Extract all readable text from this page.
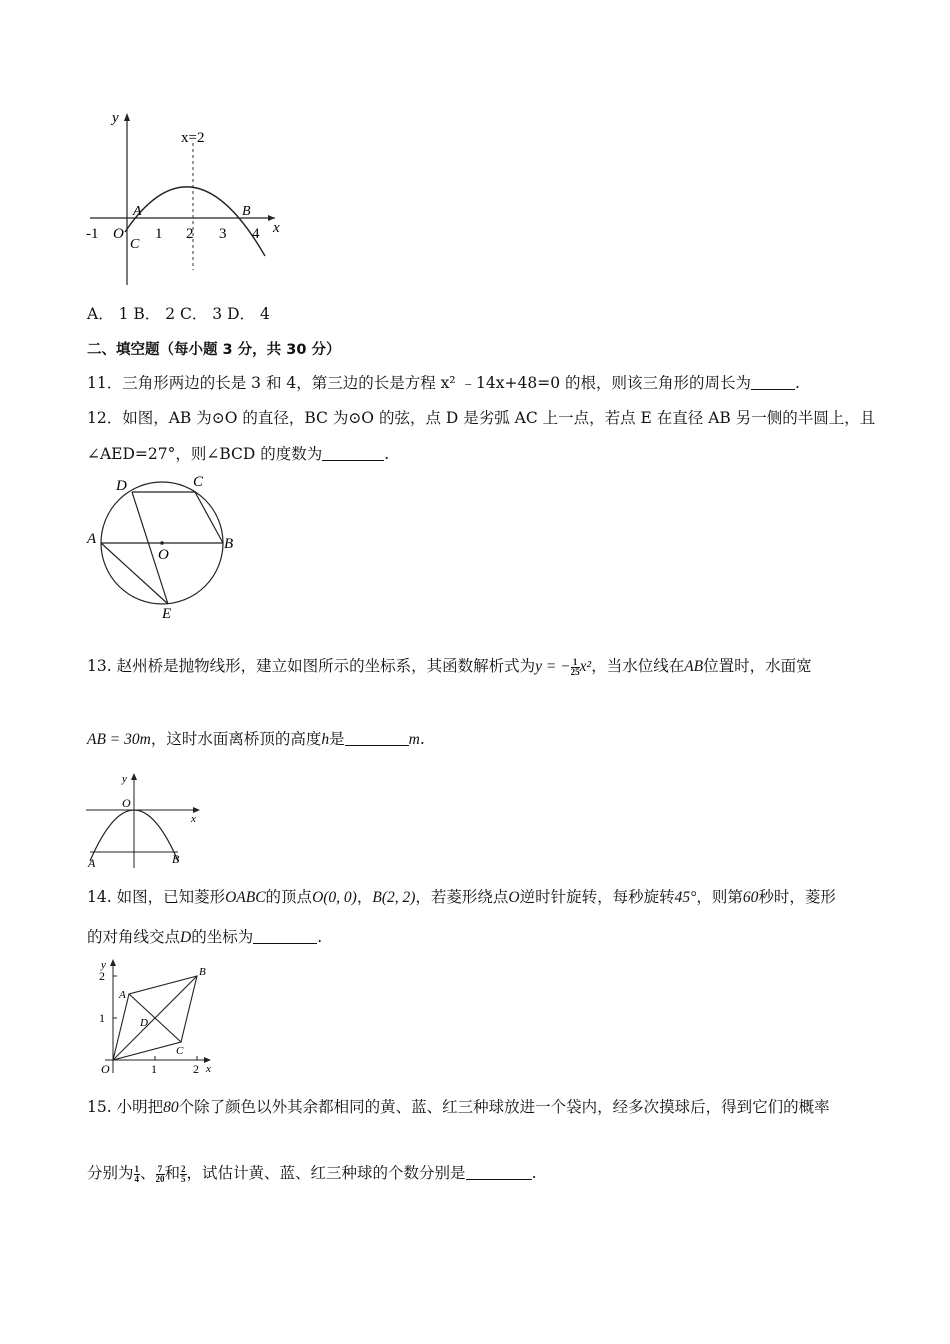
y
x
x=2
-1 O 1 2 3 4
A	B
C
A． 1 B． 2 C． 3 D． 4
二、填空题（每小题 3 分，共 30 分）
11．三角形两边的长是 3 和 4，第三边的长是方程 x² ﹣14x+48=0 的根，则该三角形的周长为	.
12．如图，AB 为⊙O 的直径，BC 为⊙O 的弦，点 D 是劣弧 AC 上一点，若点 E 在直径 AB 另一侧的半圆上，且
∠AED=27°，则∠BCD 的度数为	.
A	B
C
D
E
O
13. 赵州桥是抛物线形，建立如图所示的坐标系，其函数解析式为y = − $\frac{1}{25} x^2$，当水位线在AB位置时，水面宽
AB = 30m，这时水面离桥顶的高度h是	m.
y
x
O
A	B
14. 如图，已知菱形OABC的顶点O(0, 0)，B(2, 2)，若菱形绕点O逆时针旋转，每秒旋转45°，则第60秒时，菱形
的对角线交点D的坐标为	.
y
x
O	1	2
1
2
A
B
C
D
15. 小明把80个除了颜色以外其余都相同的黄、蓝、红三种球放进一个袋内，经多次摸球后，得到它们的概率
分别为 $\frac{1}{4}$ 、 $\frac{7}{20}$ 和 $\frac{2}{5}$ ，试估计黄、蓝、红三种球的个数分别是	.
